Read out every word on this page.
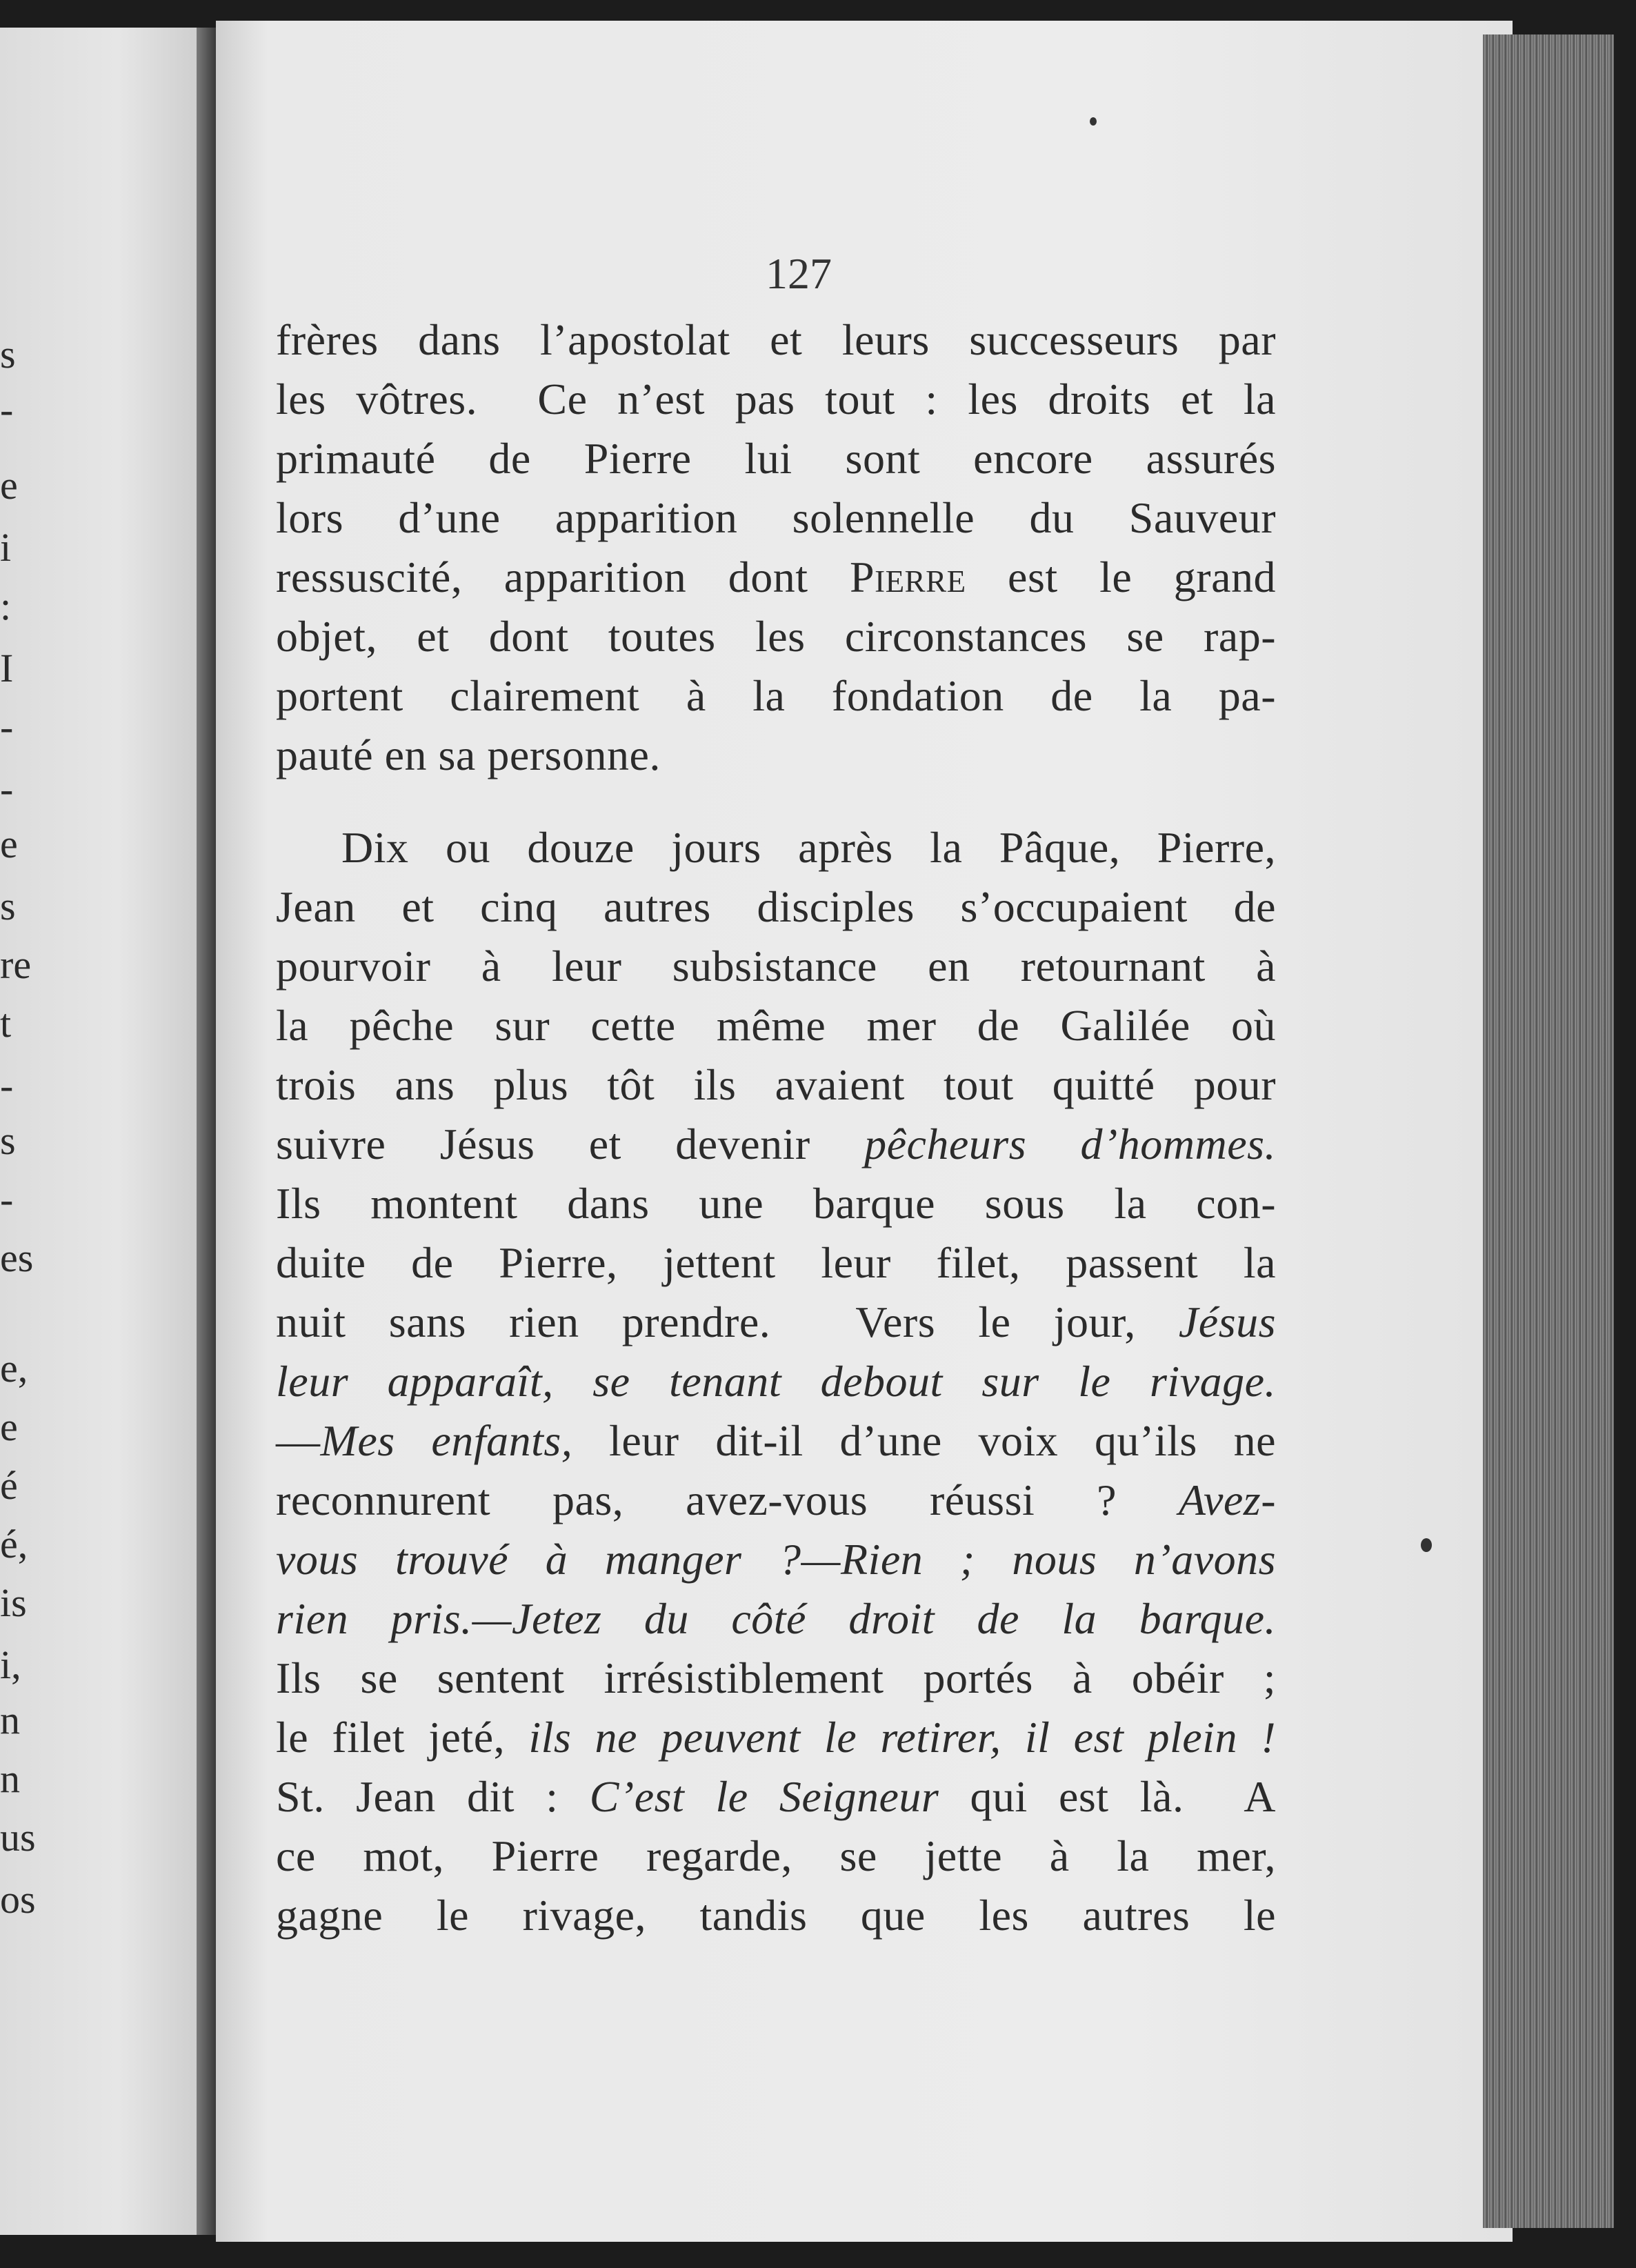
s
-
e
i
:
I
-
-
e
s
re
t
-
s
-
es
e,
e
é
é,
is
i,
n
n
us
os
127
frères dans l’apostolat et leurs successeurs par
les vôtres.  Ce n’est pas tout : les droits et la
primauté de Pierre lui sont encore assurés
lors d’une apparition solennelle du Sauveur
ressuscité, apparition dont Pierre est le grand
objet, et dont toutes les circonstances se rap-
portent clairement à la fondation de la pa-
pauté en sa personne.
Dix ou douze jours après la Pâque, Pierre,
Jean et cinq autres disciples s’occupaient de
pourvoir à leur subsistance en retournant à
la pêche sur cette même mer de Galilée où
trois ans plus tôt ils avaient tout quitté pour
suivre Jésus et devenir pêcheurs d’hommes.
Ils montent dans une barque sous la con-
duite de Pierre, jettent leur filet, passent la
nuit sans rien prendre.  Vers le jour, Jésus
leur apparaît, se tenant debout sur le rivage.
—Mes enfants, leur dit-il d’une voix qu’ils ne
reconnurent pas, avez-vous réussi ? Avez-
vous trouvé à manger ?—Rien ; nous n’avons
rien pris.—Jetez du côté droit de la barque.
Ils se sentent irrésistiblement portés à obéir ;
le filet jeté, ils ne peuvent le retirer, il est plein !
St. Jean dit : C’est le Seigneur qui est là.  A
ce mot, Pierre regarde, se jette à la mer,
gagne le rivage, tandis que les autres le
